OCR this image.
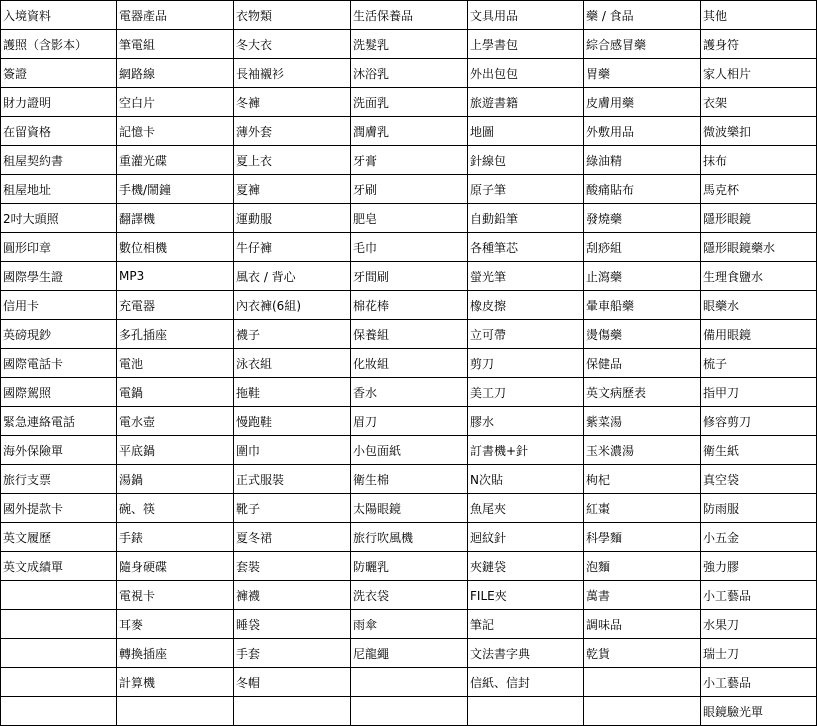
入境資料	電器產品	衣物類	生活保養品	文具用品	藥 / 食品	其他
護照（含影本）	筆電組	冬大衣	洗髮乳	上學書包	綜合感冒藥	護身符
簽證	網路線	長袖襯衫	沐浴乳	外出包包	胃藥	家人相片
財力證明	空白片	冬褲	洗面乳	旅遊書籍	皮膚用藥	衣架
在留資格	記憶卡	薄外套	潤膚乳	地圖	外敷用品	微波樂扣
租屋契約書	重灌光碟	夏上衣	牙膏	針線包	綠油精	抹布
租屋地址	手機/鬧鐘	夏褲	牙刷	原子筆	酸痛貼布	馬克杯
2吋大頭照	翻譯機	運動服	肥皂	自動鉛筆	發燒藥	隱形眼鏡
圓形印章	數位相機	牛仔褲	毛巾	各種筆芯	刮痧組	隱形眼鏡藥水
國際學生證	MP3	風衣 / 背心	牙間刷	螢光筆	止瀉藥	生理食鹽水
信用卡	充電器	內衣褲(6組)	棉花棒	橡皮擦	暈車船藥	眼藥水
英磅現鈔	多孔插座	襪子	保養組	立可帶	燙傷藥	備用眼鏡
國際電話卡	電池	泳衣組	化妝組	剪刀	保健品	梳子
國際駕照	電鍋	拖鞋	香水	美工刀	英文病歷表	指甲刀
緊急連絡電話	電水壺	慢跑鞋	眉刀	膠水	紫菜湯	修容剪刀
海外保險單	平底鍋	圍巾	小包面紙	訂書機+針	玉米濃湯	衛生紙
旅行支票	湯鍋	正式服裝	衛生棉	N次貼	枸杞	真空袋
國外提款卡	碗、筷	靴子	太陽眼鏡	魚尾夾	紅棗	防雨服
英文履歷	手錶	夏冬裙	旅行吹風機	迴紋針	科學麵	小五金
英文成績單	隨身硬碟	套裝	防曬乳	夾鏈袋	泡麵	強力膠
	電視卡	褲襪	洗衣袋	FILE夾	萬書	小工藝品
	耳麥	睡袋	雨傘	筆記	調味品	水果刀
	轉換插座	手套	尼龍繩	文法書字典	乾貨	瑞士刀
	計算機	冬帽		信紙、信封		小工藝品
						眼鏡驗光單
